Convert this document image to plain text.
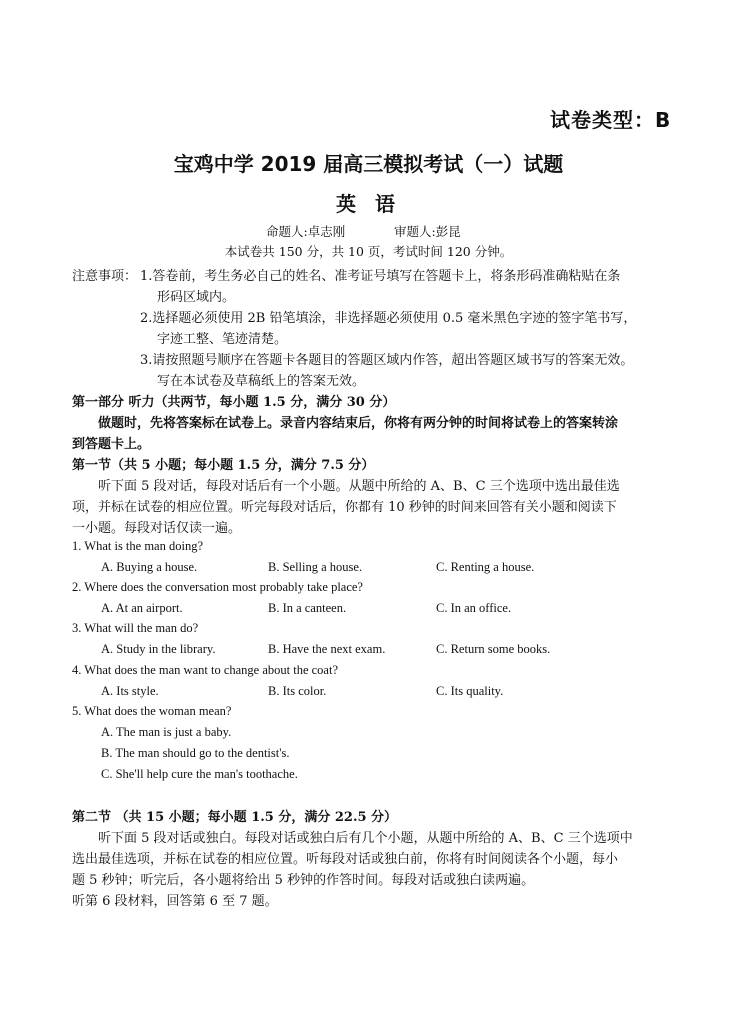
试卷类型：B
宝鸡中学 2019 届高三模拟考试（一）试题
英 语
命题人:卓志刚	审题人:彭昆
本试卷共 150 分，共 10 页，考试时间 120 分钟。
注意事项： 1.答卷前，考生务必自己的姓名、准考证号填写在答题卡上，将条形码准确粘贴在条
形码区域内。
2.选择题必须使用 2B 铅笔填涂，非选择题必须使用 0.5 毫米黑色字迹的签字笔书写，
字迹工整、笔迹清楚。
3.请按照题号顺序在答题卡各题目的答题区域内作答，超出答题区域书写的答案无效。
写在本试卷及草稿纸上的答案无效。
第一部分 听力（共两节，每小题 1.5 分，满分 30 分）
做题时，先将答案标在试卷上。录音内容结束后，你将有两分钟的时间将试卷上的答案转涂
到答题卡上。
第一节（共 5 小题；每小题 1.5 分，满分 7.5 分）
听下面 5 段对话，每段对话后有一个小题。从题中所给的 A、B、C 三个选项中选出最佳选
项，并标在试卷的相应位置。听完每段对话后，你都有 10 秒钟的时间来回答有关小题和阅读下
一小题。每段对话仅读一遍。
1. What is the man doing?
A. Buying a house.	B. Selling a house.	C. Renting a house.
2. Where does the conversation most probably take place?
A. At an airport.	B. In a canteen.	C. In an office.
3. What will the man do?
A. Study in the library.	B. Have the next exam.	C. Return some books.
4. What does the man want to change about the coat?
A. Its style.	B. Its color.	C. Its quality.
5. What does the woman mean?
A. The man is just a baby.
B. The man should go to the dentist's.
C. She'll help cure the man's toothache.
第二节 （共 15 小题；每小题 1.5 分，满分 22.5 分）
听下面 5 段对话或独白。每段对话或独白后有几个小题，从题中所给的 A、B、C 三个选项中
选出最佳选项，并标在试卷的相应位置。听每段对话或独白前，你将有时间阅读各个小题，每小
题 5 秒钟；听完后，各小题将给出 5 秒钟的作答时间。每段对话或独白读两遍。
听第 6 段材料，回答第 6 至 7 题。
